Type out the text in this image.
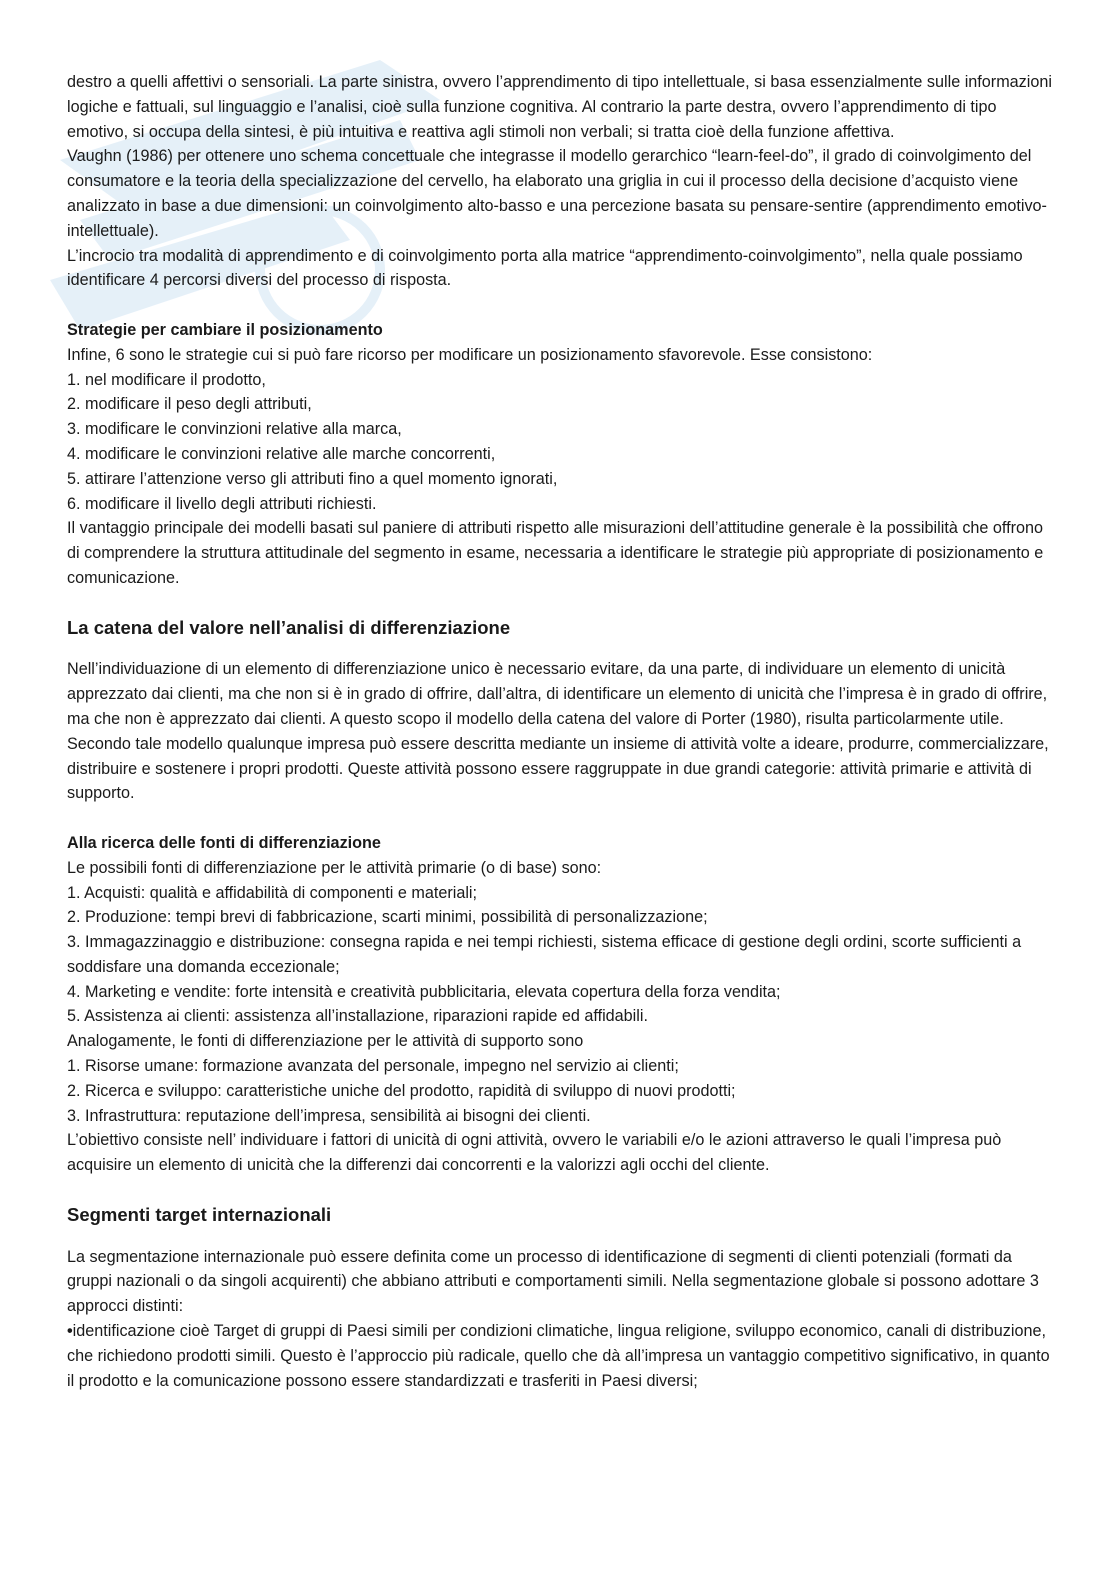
destro a quelli affettivi o sensoriali. La parte sinistra, ovvero l’apprendimento di tipo intellettuale, si basa essenzialmente sulle informazioni logiche e fattuali, sul linguaggio e l’analisi, cioè sulla funzione cognitiva. Al contrario la parte destra, ovvero l’apprendimento di tipo emotivo, si occupa della sintesi, è più intuitiva e reattiva agli stimoli non verbali; si tratta cioè della funzione affettiva.

Vaughn (1986) per ottenere uno schema concettuale che integrasse il modello gerarchico “learn-feel-do”, il grado di coinvolgimento del consumatore e la teoria della specializzazione del cervello, ha elaborato una griglia in cui il processo della decisione d’acquisto viene analizzato in base a due dimensioni: un coinvolgimento alto-basso e una percezione basata su pensare-sentire (apprendimento emotivo-intellettuale).

L’incrocio tra modalità di apprendimento e di coinvolgimento porta alla matrice “apprendimento-coinvolgimento”, nella quale possiamo identificare 4 percorsi diversi del processo di risposta.

Strategie per cambiare il posizionamento

Infine, 6 sono le strategie cui si può fare ricorso per modificare un posizionamento sfavorevole. Esse consistono:

1. nel modificare il prodotto,

2. modificare il peso degli attributi,

3. modificare le convinzioni relative alla marca,

4. modificare le convinzioni relative alle marche concorrenti,

5. attirare l’attenzione verso gli attributi fino a quel momento ignorati,

6. modificare il livello degli attributi richiesti.

Il vantaggio principale dei modelli basati sul paniere di attributi rispetto alle misurazioni dell’attitudine generale è la possibilità che offrono di comprendere la struttura attitudinale del segmento in esame, necessaria a identificare le strategie più appropriate di posizionamento e comunicazione.

La catena del valore nell’analisi di differenziazione

Nell’individuazione di un elemento di differenziazione unico è necessario evitare, da una parte, di individuare un elemento di unicità apprezzato dai clienti, ma che non si è in grado di offrire, dall’altra, di identificare un elemento di unicità che l’impresa è in grado di offrire, ma che non è apprezzato dai clienti. A questo scopo il modello della catena del valore di Porter (1980), risulta particolarmente utile.

Secondo tale modello qualunque impresa può essere descritta mediante un insieme di attività volte a ideare, produrre, commercializzare, distribuire e sostenere i propri prodotti. Queste attività possono essere raggruppate in due grandi categorie: attività primarie e attività di supporto.

Alla ricerca delle fonti di differenziazione

Le possibili fonti di differenziazione per le attività primarie (o di base) sono:

1. Acquisti: qualità e affidabilità di componenti e materiali;

2. Produzione: tempi brevi di fabbricazione, scarti minimi, possibilità di personalizzazione;

3. Immagazzinaggio e distribuzione: consegna rapida e nei tempi richiesti, sistema efficace di gestione degli ordini, scorte sufficienti a soddisfare una domanda eccezionale;

4. Marketing e vendite: forte intensità e creatività pubblicitaria, elevata copertura della forza vendita;

5. Assistenza ai clienti: assistenza all’installazione, riparazioni rapide ed affidabili.

Analogamente, le fonti di differenziazione per le attività di supporto sono

1. Risorse umane: formazione avanzata del personale, impegno nel servizio ai clienti;

2. Ricerca e sviluppo: caratteristiche uniche del prodotto, rapidità di sviluppo di nuovi prodotti;

3. Infrastruttura: reputazione dell’impresa, sensibilità ai bisogni dei clienti.

L’obiettivo consiste nell’ individuare i fattori di unicità di ogni attività, ovvero le variabili e/o le azioni attraverso le quali l’impresa può acquisire un elemento di unicità che la differenzi dai concorrenti e la valorizzi agli occhi del cliente.

Segmenti target internazionali

La segmentazione internazionale può essere definita come un processo di identificazione di segmenti di clienti potenziali (formati da gruppi nazionali o da singoli acquirenti) che abbiano attributi e comportamenti simili. Nella segmentazione globale si possono adottare 3 approcci distinti:

• identificazione cioè Target di gruppi di Paesi simili per condizioni climatiche, lingua religione, sviluppo economico, canali di distribuzione, che richiedono prodotti simili. Questo è l’approccio più radicale, quello che dà all’impresa un vantaggio competitivo significativo, in quanto il prodotto e la comunicazione possono essere standardizzati e trasferiti in Paesi diversi;
